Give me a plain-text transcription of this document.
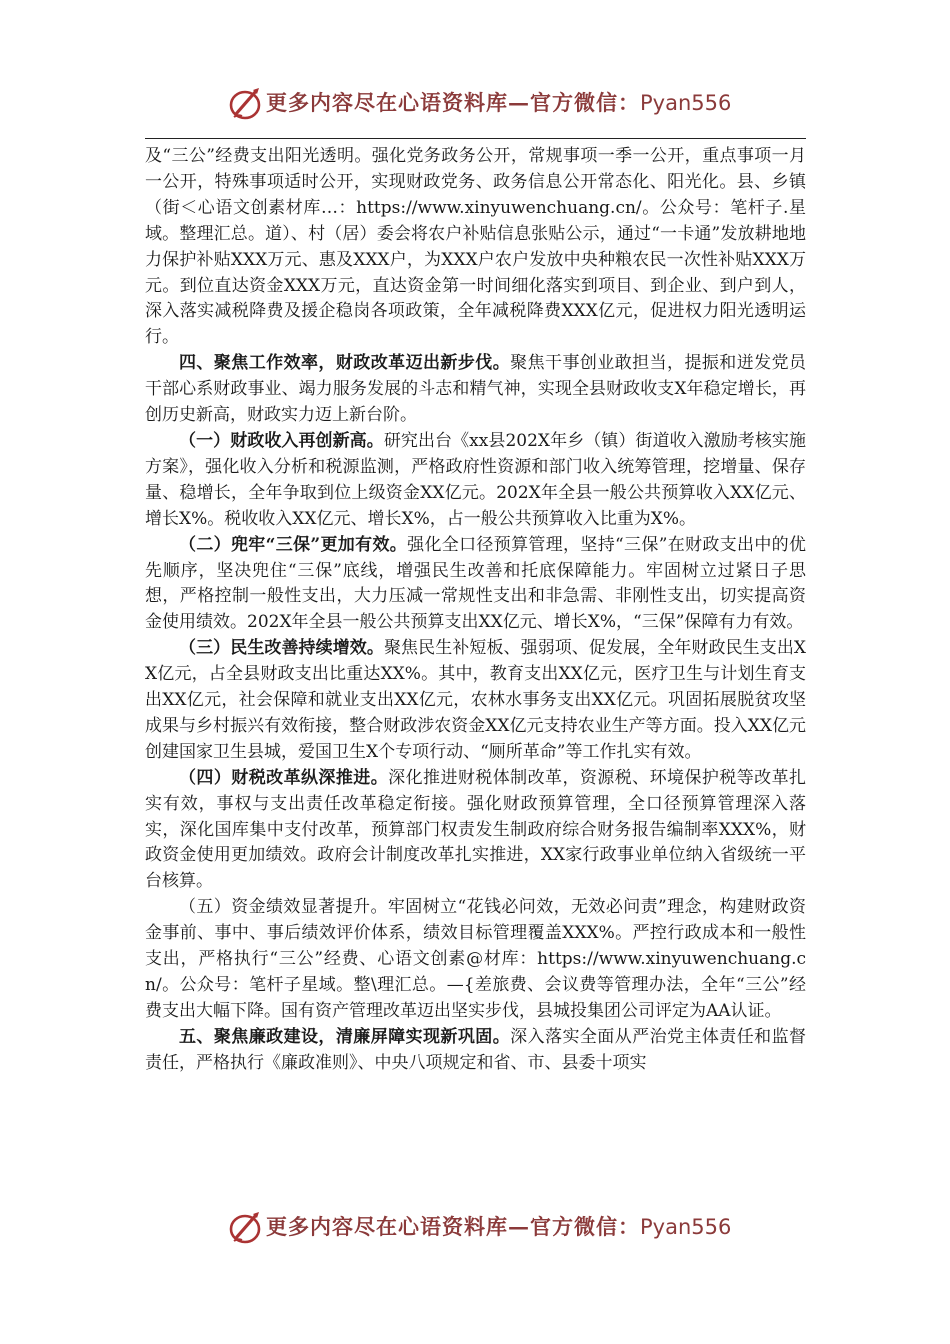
更多内容尽在心语资料库—官方微信：Pyan556

及“三公”经费支出阳光透明。强化党务政务公开，常规事项一季一公开，重点事项一月一公开，特殊事项适时公开，实现财政党务、政务信息公开常态化、阳光化。县、乡镇（街＜心语文创素材库…：https://www.xinyuwenchuang.cn/。公众号：笔杆子.星域。整理汇总。道）、村（居）委会将农户补贴信息张贴公示，通过“一卡通”发放耕地地力保护补贴XXX万元、惠及XXX户，为XXX户农户发放中央种粮农民一次性补贴XXX万元。到位直达资金XXX万元，直达资金第一时间细化落实到项目、到企业、到户到人，深入落实减税降费及援企稳岗各项政策，全年减税降费XXX亿元，促进权力阳光透明运行。

四、聚焦工作效率，财政改革迈出新步伐。聚焦干事创业敢担当，提振和迸发党员干部心系财政事业、竭力服务发展的斗志和精气神，实现全县财政收支X年稳定增长，再创历史新高，财政实力迈上新台阶。

（一）财政收入再创新高。研究出台《xx县202X年乡（镇）街道收入激励考核实施方案》，强化收入分析和税源监测，严格政府性资源和部门收入统筹管理，挖增量、保存量、稳增长，全年争取到位上级资金XX亿元。202X年全县一般公共预算收入XX亿元、增长X%。税收收入XX亿元、增长X%，占一般公共预算收入比重为X%。

（二）兜牢“三保”更加有效。强化全口径预算管理，坚持“三保”在财政支出中的优先顺序，坚决兜住“三保”底线，增强民生改善和托底保障能力。牢固树立过紧日子思想，严格控制一般性支出，大力压减一常规性支出和非急需、非刚性支出，切实提高资金使用绩效。202X年全县一般公共预算支出XX亿元、增长X%，“三保”保障有力有效。

（三）民生改善持续增效。聚焦民生补短板、强弱项、促发展，全年财政民生支出XX亿元，占全县财政支出比重达XX%。其中，教育支出XX亿元，医疗卫生与计划生育支出XX亿元，社会保障和就业支出XX亿元，农林水事务支出XX亿元。巩固拓展脱贫攻坚成果与乡村振兴有效衔接，整合财政涉农资金XX亿元支持农业生产等方面。投入XX亿元创建国家卫生县城，爱国卫生X个专项行动、“厕所革命”等工作扎实有效。

（四）财税改革纵深推进。深化推进财税体制改革，资源税、环境保护税等改革扎实有效，事权与支出责任改革稳定衔接。强化财政预算管理，全口径预算管理深入落实，深化国库集中支付改革，预算部门权责发生制政府综合财务报告编制率XXX%，财政资金使用更加绩效。政府会计制度改革扎实推进，XX家行政事业单位纳入省级统一平台核算。

（五）资金绩效显著提升。牢固树立“花钱必问效，无效必问责”理念，构建财政资金事前、事中、事后绩效评价体系，绩效目标管理覆盖XXX%。严控行政成本和一般性支出，严格执行“三公”经费、心语文创素@材库：https://www.xinyuwenchuang.cn/。公众号：笔杆子星域。整\理汇总。—{差旅费、会议费等管理办法，全年“三公”经费支出大幅下降。国有资产管理改革迈出坚实步伐，县城投集团公司评定为AA认证。

五、聚焦廉政建设，清廉屏障实现新巩固。深入落实全面从严治党主体责任和监督责任，严格执行《廉政准则》、中央八项规定和省、市、县委十项实

更多内容尽在心语资料库—官方微信：Pyan556
